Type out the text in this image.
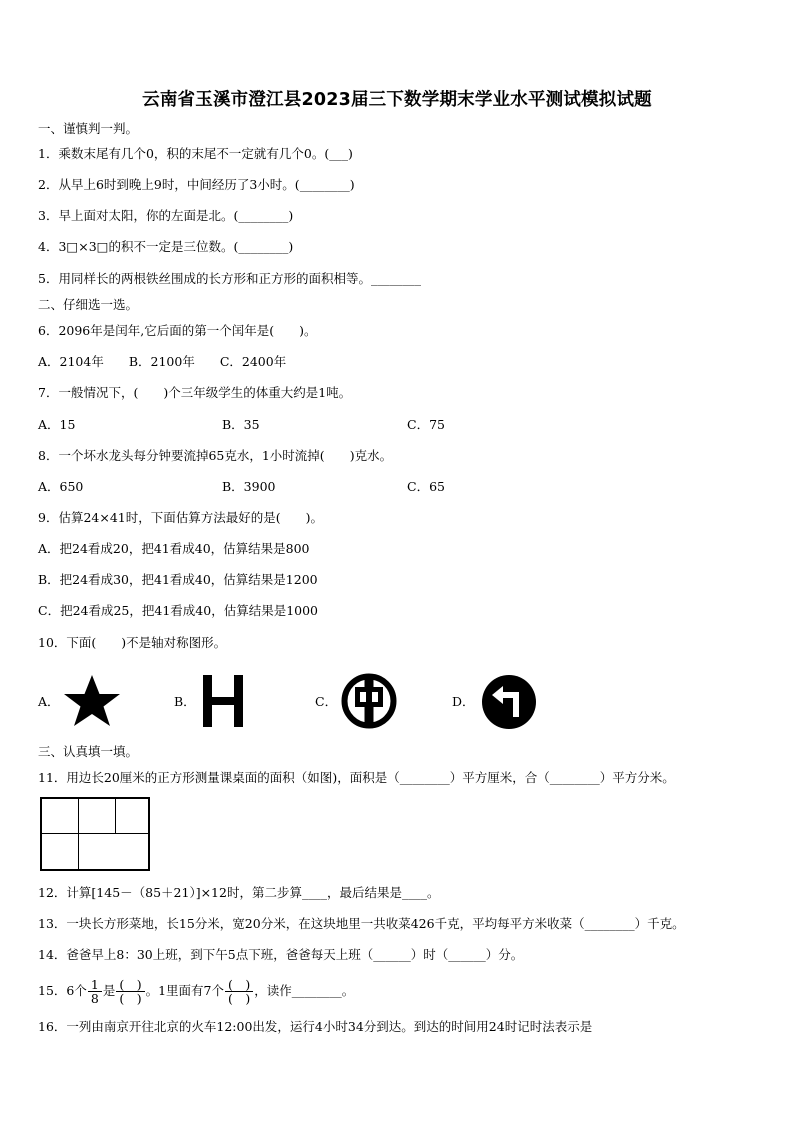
云南省玉溪市澄江县2023届三下数学期末学业水平测试模拟试题
一、谨慎判一判。
1．乘数末尾有几个0，积的末尾不一定就有几个0。(___)
2．从早上6时到晚上9时，中间经历了3小时。(________)
3．早上面对太阳，你的左面是北。(________)
4．3□×3□的积不一定是三位数。(________)
5．用同样长的两根铁丝围成的长方形和正方形的面积相等。________
二、仔细选一选。
6．2096年是闰年,它后面的第一个闰年是(　　)。
A．2104年　　B．2100年　　C．2400年
7．一般情况下，(　　)个三年级学生的体重大约是1吨。
A．15	B．35	C．75
8．一个坏水龙头每分钟要流掉65克水，1小时流掉(　　)克水。
A．650	B．3900	C．65
9．估算24×41时，下面估算方法最好的是(　　)。
A．把24看成20，把41看成40，估算结果是800
B．把24看成30，把41看成40，估算结果是1200
C．把24看成25，把41看成40，估算结果是1000
10．下面(　　)不是轴对称图形。
A．	B．	C．	D．
三、认真填一填。
11．用边长20厘米的正方形测量课桌面的面积（如图)，面积是（________）平方厘米，合（________）平方分米。
12．计算[145－（85＋21）]×12时，第二步算____，最后结果是____。
13．一块长方形菜地，长15分米，宽20分米，在这块地里一共收菜426千克，平均每平方米收菜（________）千克。
14．爸爸早上8：30上班，到下午5点下班，爸爸每天上班（______）时（______）分。
15．6个 $\frac{1}{8}$ 是 $\frac{( )}{( )}$ 。1里面有7个 $\frac{( )}{( )}$ ，读作________。
16．一列由南京开往北京的火车12:00出发，运行4小时34分到达。到达的时间用24时记时法表示是
